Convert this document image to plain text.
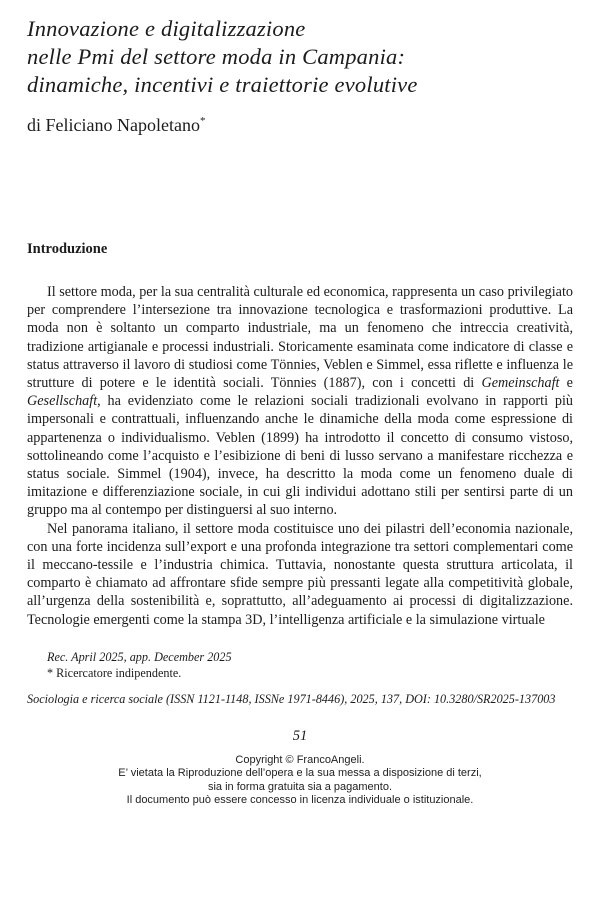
Innovazione e digitalizzazione
nelle Pmi del settore moda in Campania:
dinamiche, incentivi e traiettorie evolutive
di Feliciano Napoletano*
Introduzione

Il settore moda, per la sua centralità culturale ed economica, rappresenta un caso privilegiato per comprendere l’intersezione tra innovazione tecnologica e trasformazioni produttive. La moda non è soltanto un comparto industriale, ma un fenomeno che intreccia creatività, tradizione artigianale e processi industriali. Storicamente esaminata come indicatore di classe e status attraverso il lavoro di studiosi come Tönnies, Veblen e Simmel, essa riflette e influenza le strutture di potere e le identità sociali. Tönnies (1887), con i concetti di Gemeinschaft e Gesellschaft, ha evidenziato come le relazioni sociali tradizionali evolvano in rapporti più impersonali e contrattuali, influenzando anche le dinamiche della moda come espressione di appartenenza o individualismo. Veblen (1899) ha introdotto il concetto di consumo vistoso, sottolineando come l’acquisto e l’esibizione di beni di lusso servano a manifestare ricchezza e status sociale. Simmel (1904), invece, ha descritto la moda come un fenomeno duale di imitazione e differenziazione sociale, in cui gli individui adottano stili per sentirsi parte di un gruppo ma al contempo per distinguersi al suo interno.

Nel panorama italiano, il settore moda costituisce uno dei pilastri dell’economia nazionale, con una forte incidenza sull’export e una profonda integrazione tra settori complementari come il meccano-tessile e l’industria chimica. Tuttavia, nonostante questa struttura articolata, il comparto è chiamato ad affrontare sfide sempre più pressanti legate alla competitività globale, all’urgenza della sostenibilità e, soprattutto, all’adeguamento ai processi di digitalizzazione. Tecnologie emergenti come la stampa 3D, l’intelligenza artificiale e la simulazione virtuale

Rec. April 2025, app. December 2025
* Ricercatore indipendente.
Sociologia e ricerca sociale (ISSN 1121-1148, ISSNe 1971-8446), 2025, 137, DOI: 10.3280/SR2025-137003
51
Copyright © FrancoAngeli.
E’ vietata la Riproduzione dell’opera e la sua messa a disposizione di terzi,
sia in forma gratuita sia a pagamento.
Il documento può essere concesso in licenza individuale o istituzionale.
